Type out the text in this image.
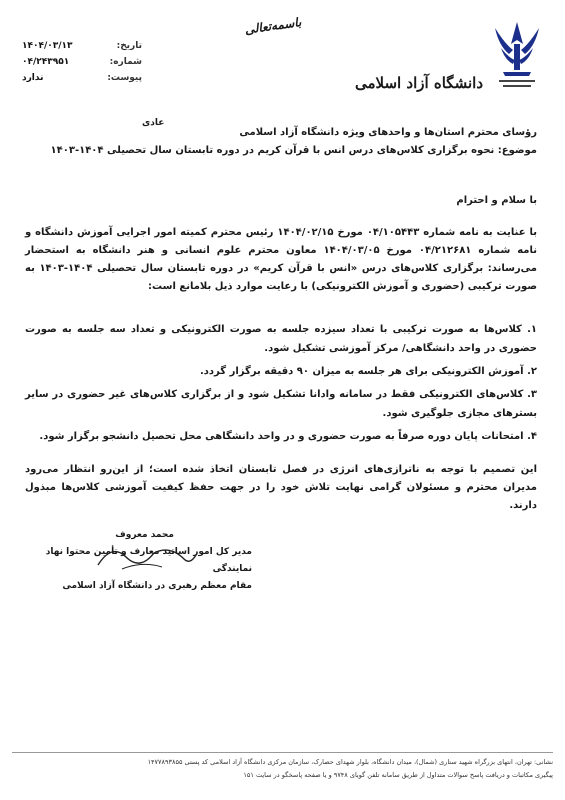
تاریخ:
۱۴۰۴/۰۳/۱۳
شماره:
۰۴/۲۴۳۹۵۱
پیوست:
ندارد
باسمه‌تعالی
دانشگاه آزاد اسلامی
عادی
رؤسای محترم استان‌ها و واحدهای ویژه دانشگاه آزاد اسلامی
موضوع: نحوه برگزاری کلاس‌های درس انس با قرآن کریم در دوره تابستان سال تحصیلی ۱۴۰۴-۱۴۰۳
با سلام و احترام
با عنایت به نامه شماره ۰۴/۱۰۵۴۴۳ مورخ ۱۴۰۴/۰۲/۱۵ رئیس محترم کمیته امور اجرایی آموزش دانشگاه و نامه شماره ۰۴/۲۱۲۶۸۱ مورخ ۱۴۰۴/۰۳/۰۵ معاون محترم علوم انسانی و هنر دانشگاه به استحضار می‌رساند: برگزاری کلاس‌های درس «انس با قرآن کریم» در دوره تابستان سال تحصیلی ۱۴۰۴-۱۴۰۳ به صورت ترکیبی (حضوری و آموزش الکترونیکی) با رعایت موارد ذیل بلامانع است:
۱. کلاس‌ها به صورت ترکیبی با تعداد سیزده جلسه به صورت الکترونیکی و تعداد سه جلسه به صورت حضوری در واحد دانشگاهی/ مرکز آموزشی تشکیل شود.
۲. آموزش الکترونیکی برای هر جلسه به میزان ۹۰ دقیقه برگزار گردد.
۳. کلاس‌های الکترونیکی فقط در سامانه وادانا تشکیل شود و از برگزاری کلاس‌های غیر حضوری در سایر بسترهای مجازی جلوگیری شود.
۴. امتحانات پایان دوره صرفاً به صورت حضوری و در واحد دانشگاهی محل تحصیل دانشجو برگزار شود.
این تصمیم با توجه به ناترازی‌های انرژی در فصل تابستان اتخاذ شده است؛ از این‌رو انتظار می‌رود مدیران محترم و مسئولان گرامی نهایت تلاش خود را در جهت حفظ کیفیت آموزشی کلاس‌ها مبذول دارند.
محمد معروف
مدیر کل امور اساتید معارف و تأمین محتوا نهاد نمایندگی
مقام معظم رهبری در دانشگاه آزاد اسلامی
نشانی: تهران، انتهای بزرگراه شهید ستاری (شمال)، میدان دانشگاه، بلوار شهدای حصارک، سازمان مرکزی دانشگاه آزاد اسلامی کد پستی ۱۴۷۷۸۹۳۸۵۵
پیگیری مکاتبات و دریافت پاسخ سوالات متداول از طریق سامانه تلفن گویای ۹۷۴۸ و یا صفحه پاسخگو در سایت ۱۵۱
